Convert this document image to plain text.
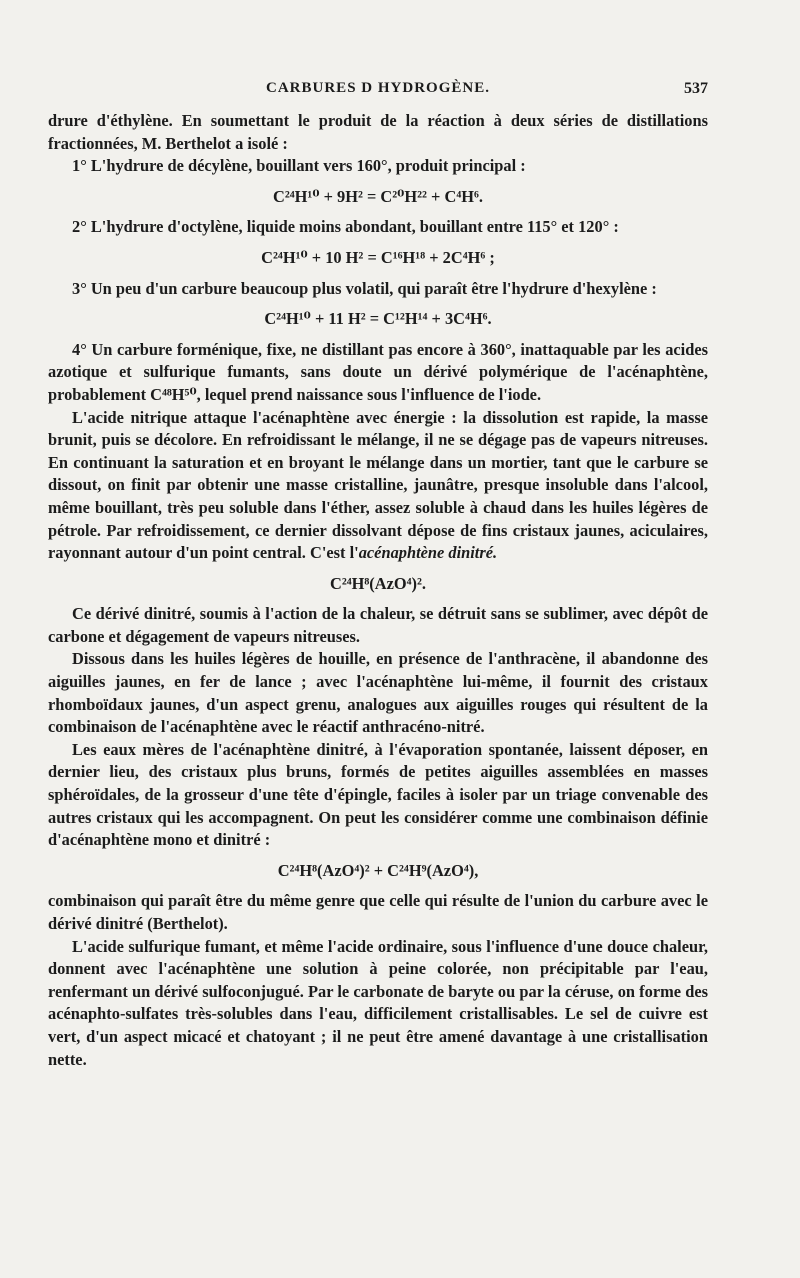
CARBURES D HYDROGÈNE.	537

drure d'éthylène. En soumettant le produit de la réaction à deux séries de distillations fractionnées, M. Berthelot a isolé :

1° L'hydrure de décylène, bouillant vers 160°, produit principal :

C²⁴H¹⁰ + 9H² = C²⁰H²² + C⁴H⁶.

2° L'hydrure d'octylène, liquide moins abondant, bouillant entre 115° et 120° :

C²⁴H¹⁰ + 10 H² = C¹⁶H¹⁸ + 2C⁴H⁶ ;

3° Un peu d'un carbure beaucoup plus volatil, qui paraît être l'hydrure d'hexylène :

C²⁴H¹⁰ + 11 H² = C¹²H¹⁴ + 3C⁴H⁶.

4° Un carbure forménique, fixe, ne distillant pas encore à 360°, inattaquable par les acides azotique et sulfurique fumants, sans doute un dérivé polymérique de l'acénaphtène, probablement C⁴⁸H⁵⁰, lequel prend naissance sous l'influence de l'iode.

L'acide nitrique attaque l'acénaphtène avec énergie : la dissolution est rapide, la masse brunit, puis se décolore. En refroidissant le mélange, il ne se dégage pas de vapeurs nitreuses. En continuant la saturation et en broyant le mélange dans un mortier, tant que le carbure se dissout, on finit par obtenir une masse cristalline, jaunâtre, presque insoluble dans l'alcool, même bouillant, très peu soluble dans l'éther, assez soluble à chaud dans les huiles légères de pétrole. Par refroidissement, ce dernier dissolvant dépose de fins cristaux jaunes, aciculaires, rayonnant autour d'un point central. C'est l'acénaphtène dinitré.

C²⁴H⁸(AzO⁴)².

Ce dérivé dinitré, soumis à l'action de la chaleur, se détruit sans se sublimer, avec dépôt de carbone et dégagement de vapeurs nitreuses.

Dissous dans les huiles légères de houille, en présence de l'anthracène, il abandonne des aiguilles jaunes, en fer de lance ; avec l'acénaphtène lui-même, il fournit des cristaux rhomboïdaux jaunes, d'un aspect grenu, analogues aux aiguilles rouges qui résultent de la combinaison de l'acénaphtène avec le réactif anthracéno-nitré.

Les eaux mères de l'acénaphtène dinitré, à l'évaporation spontanée, laissent déposer, en dernier lieu, des cristaux plus bruns, formés de petites aiguilles assemblées en masses sphéroïdales, de la grosseur d'une tête d'épingle, faciles à isoler par un triage convenable des autres cristaux qui les accompagnent. On peut les considérer comme une combinaison définie d'acénaphtène mono et dinitré :

C²⁴H⁸(AzO⁴)² + C²⁴H⁹(AzO⁴),

combinaison qui paraît être du même genre que celle qui résulte de l'union du carbure avec le dérivé dinitré (Berthelot).

L'acide sulfurique fumant, et même l'acide ordinaire, sous l'influence d'une douce chaleur, donnent avec l'acénaphtène une solution à peine colorée, non précipitable par l'eau, renfermant un dérivé sulfoconjugué. Par le carbonate de baryte ou par la céruse, on forme des acénaphto-sulfates très-solubles dans l'eau, difficilement cristallisables. Le sel de cuivre est vert, d'un aspect micacé et chatoyant ; il ne peut être amené davantage à une cristallisation nette.
